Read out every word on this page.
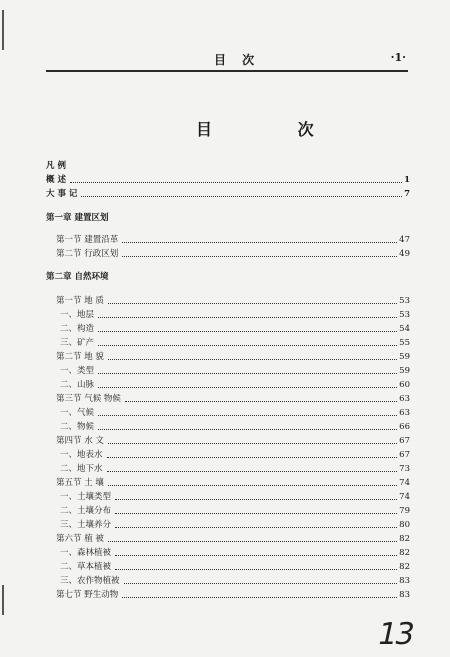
目 次	·1·
目 次
凡 例
概 述	1
大 事 记	7
第一章 建置区划
第一节 建置沿革	47
第二节 行政区划	49
第二章 自然环境
第一节 地 质	53
一、地层	53
二、构造	54
三、矿产	55
第二节 地 貌	59
一、类型	59
二、山脉	60
第三节 气候 物候	63
一、气候	63
二、物候	66
第四节 水 文	67
一、地表水	67
二、地下水	73
第五节 土 壤	74
一、土壤类型	74
二、土壤分布	79
三、土壤养分	80
第六节 植 被	82
一、森林植被	82
二、草本植被	82
三、农作物植被	83
第七节 野生动物	83
13
